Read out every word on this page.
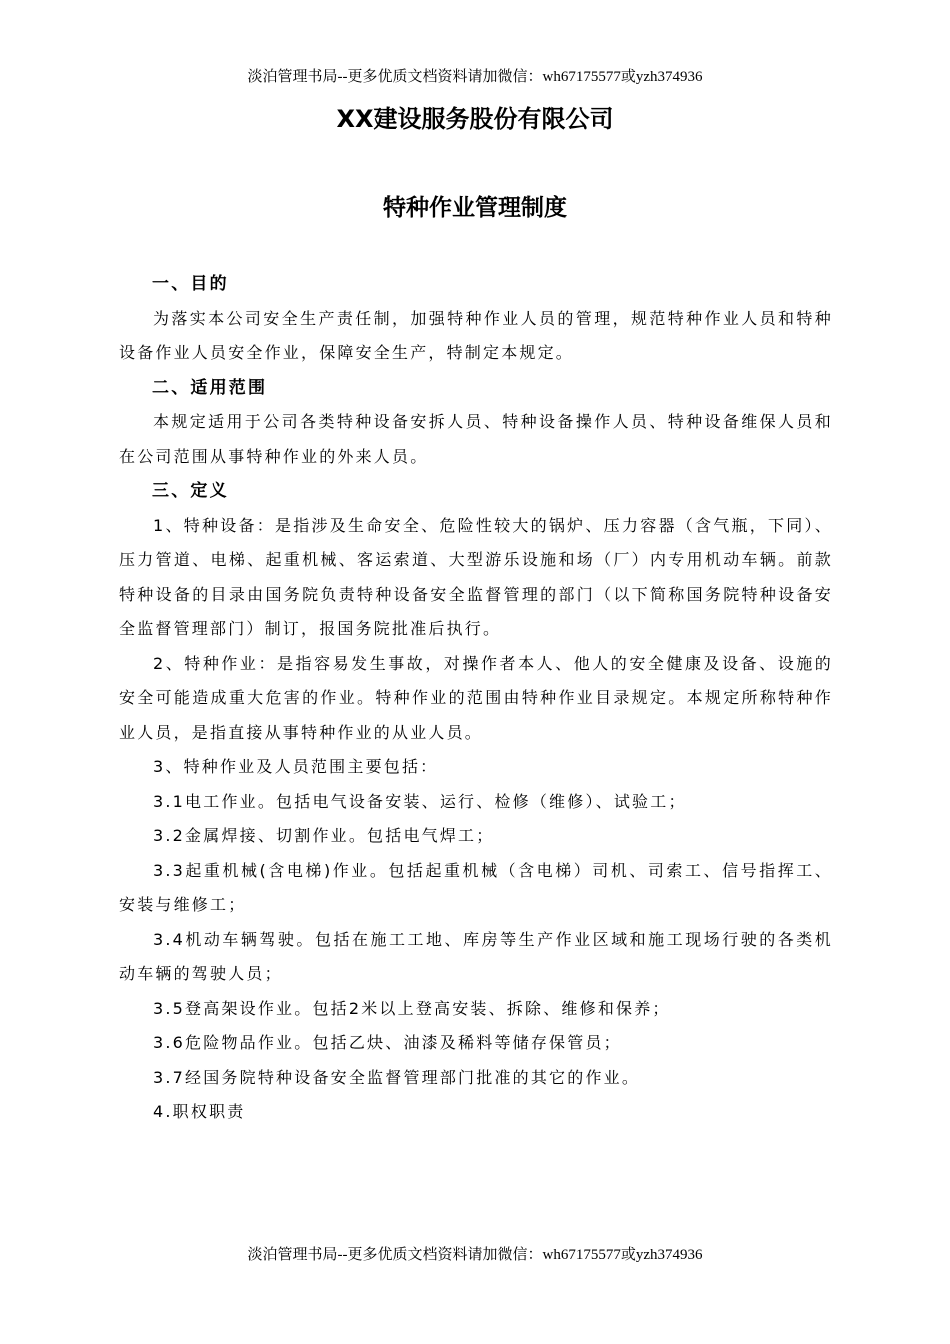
淡泊管理书局--更多优质文档资料请加微信：wh67175577或yzh374936
XX建设服务股份有限公司
特种作业管理制度

一、目的

为落实本公司安全生产责任制，加强特种作业人员的管理，规范特种作业人员和特种设备作业人员安全作业，保障安全生产，特制定本规定。

二、适用范围

本规定适用于公司各类特种设备安拆人员、特种设备操作人员、特种设备维保人员和在公司范围从事特种作业的外来人员。

三、定义

1、特种设备：是指涉及生命安全、危险性较大的锅炉、压力容器（含气瓶，下同）、压力管道、电梯、起重机械、客运索道、大型游乐设施和场（厂）内专用机动车辆。前款特种设备的目录由国务院负责特种设备安全监督管理的部门（以下简称国务院特种设备安全监督管理部门）制订，报国务院批准后执行。

2、特种作业：是指容易发生事故，对操作者本人、他人的安全健康及设备、设施的安全可能造成重大危害的作业。特种作业的范围由特种作业目录规定。本规定所称特种作业人员，是指直接从事特种作业的从业人员。

3、特种作业及人员范围主要包括：

3.1电工作业。包括电气设备安装、运行、检修（维修）、试验工；

3.2金属焊接、切割作业。包括电气焊工；

3.3起重机械(含电梯)作业。包括起重机械（含电梯）司机、司索工、信号指挥工、安装与维修工；

3.4机动车辆驾驶。包括在施工工地、库房等生产作业区域和施工现场行驶的各类机动车辆的驾驶人员；

3.5登高架设作业。包括2米以上登高安装、拆除、维修和保养；

3.6危险物品作业。包括乙炔、油漆及稀料等储存保管员；

3.7经国务院特种设备安全监督管理部门批准的其它的作业。

4.职权职责

淡泊管理书局--更多优质文档资料请加微信：wh67175577或yzh374936
